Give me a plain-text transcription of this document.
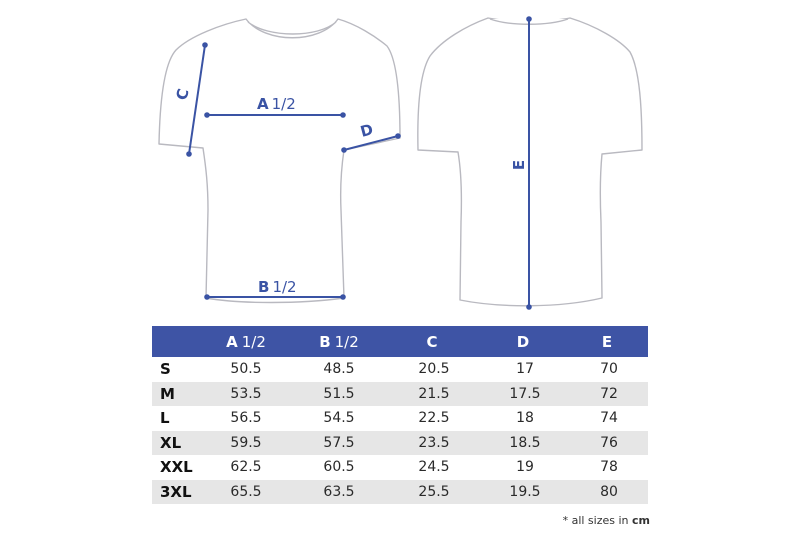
A 1/2
B 1/2
C
D
E
	A 1/2	B 1/2	C	D	E
S	50.5	48.5	20.5	17	70
M	53.5	51.5	21.5	17.5	72
L	56.5	54.5	22.5	18	74
XL	59.5	57.5	23.5	18.5	76
XXL	62.5	60.5	24.5	19	78
3XL	65.5	63.5	25.5	19.5	80
* all sizes in cm
